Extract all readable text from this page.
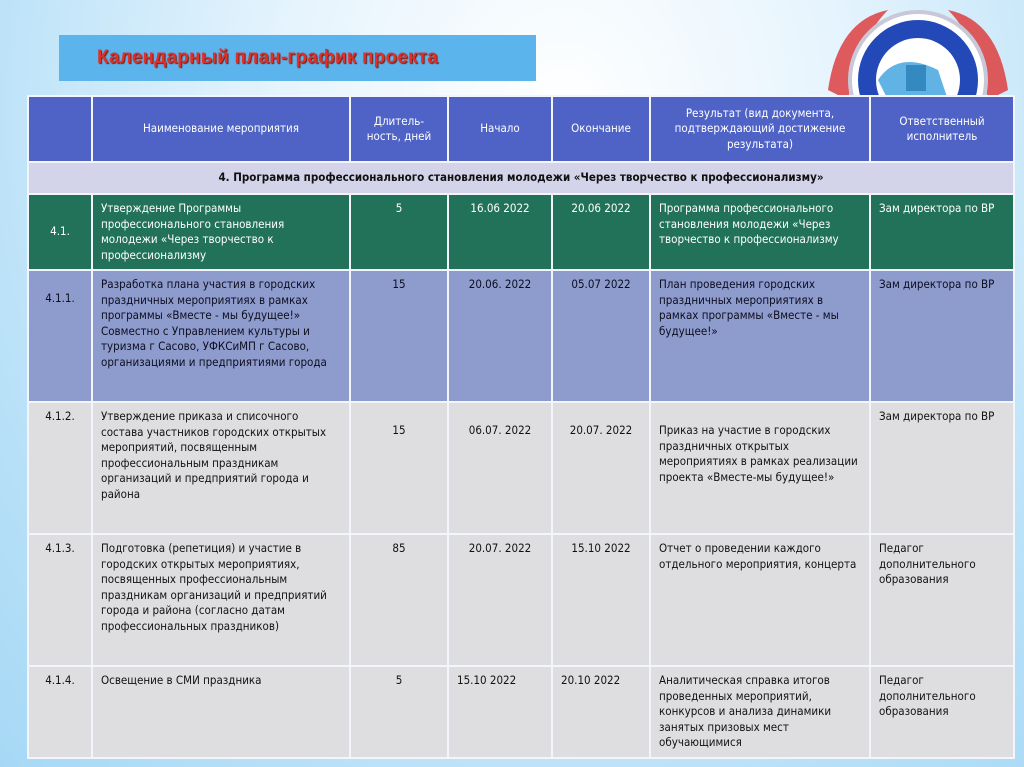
Календарный план-график проекта
	Наименование мероприятия	Длитель-ность, дней	Начало	Окончание	Результат (вид документа, подтверждающий достижение результата)	Ответственный исполнитель
4. Программа профессионального становления молодежи «Через творчество к профессионализму»						
4.1.	Утверждение Программы профессионального становления молодежи «Через творчество к профессионализму	5	16.06 2022	20.06 2022	Программа профессионального становления молодежи «Через творчество к профессионализму	Зам директора по ВР
4.1.1.	Разработка плана участия в городских праздничных мероприятиях в рамках программы «Вместе - мы будущее!» Совместно с Управлением культуры и туризма г Сасово, УФКСиМП г Сасово, организациями и предприятиями города	15	20.06. 2022	05.07 2022	План проведения городских праздничных мероприятиях в рамках программы «Вместе - мы будущее!»	Зам директора по ВР
4.1.2.	Утверждение приказа и списочного состава участников городских открытых мероприятий, посвященным профессиональным праздникам организаций и предприятий города и района	15	06.07. 2022	20.07. 2022	Приказ на участие в городских праздничных открытых мероприятиях в рамках реализации проекта «Вместе-мы будущее!»	Зам директора по ВР
4.1.3.	Подготовка (репетиция) и участие в городских открытых мероприятиях, посвященных профессиональным праздникам организаций и предприятий города и района (согласно датам профессиональных праздников)	85	20.07. 2022	15.10 2022	Отчет о проведении каждого отдельного мероприятия, концерта	Педагог дополнительного образования
4.1.4.	Освещение в СМИ праздника	5	15.10 2022	20.10 2022	Аналитическая справка итогов проведенных мероприятий, конкурсов и анализа динамики занятых призовых мест обучающимися	Педагог дополнительного образования
